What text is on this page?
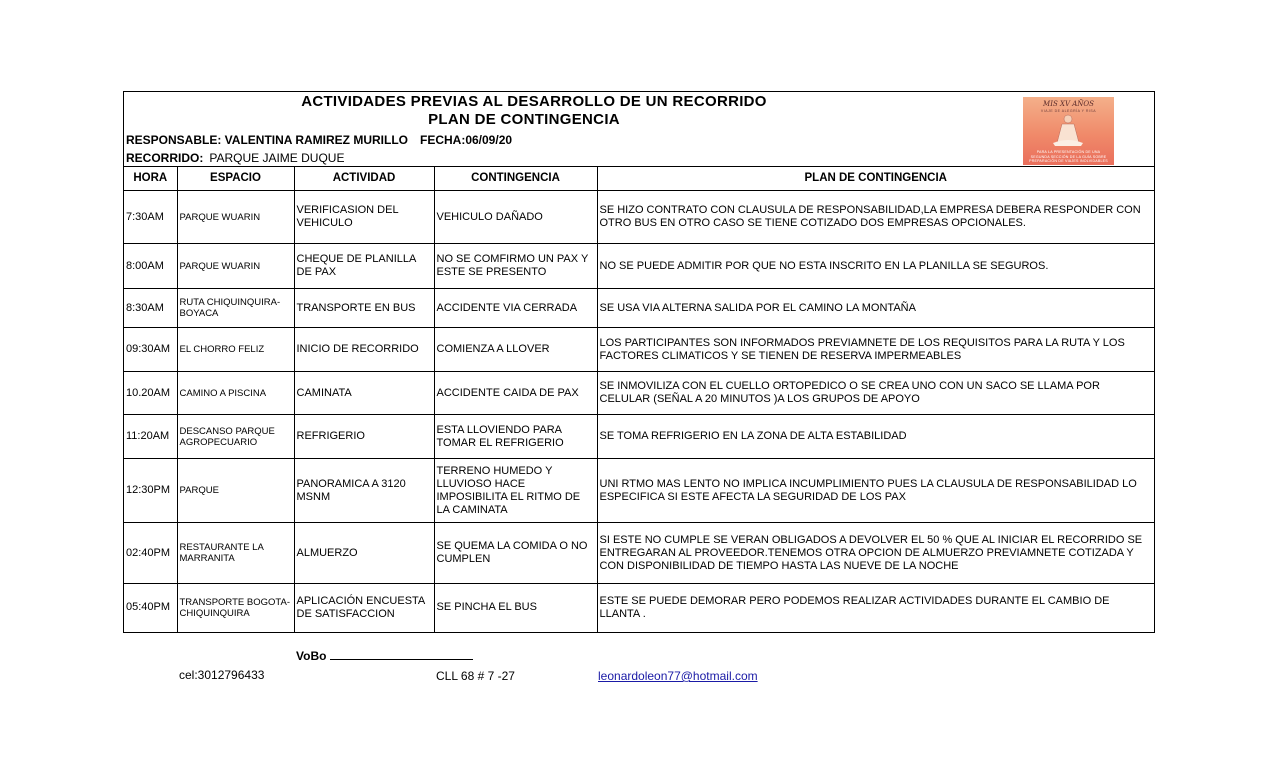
ACTIVIDADES PREVIAS AL DESARROLLO DE UN RECORRIDO
PLAN DE CONTINGENCIA
RESPONSABLE: VALENTINA RAMIREZ MURILLO FECHA:06/09/20
RECORRIDO: PARQUE JAIME DUQUE
MIS XV AÑOS
VIAJE DE ALEGRÍA Y RISA
PARA LA PRESENTACIÓN DE UNA SEGUNDA SECCIÓN DE LA GUÍA SOBRE PREPARACIÓN DE VIAJES INOLVIDABLES
HORA	ESPACIO	ACTIVIDAD	CONTINGENCIA	PLAN DE CONTINGENCIA
7:30AM	PARQUE WUARIN	VERIFICASION DEL VEHICULO	VEHICULO DAÑADO	SE HIZO CONTRATO CON CLAUSULA DE RESPONSABILIDAD,LA EMPRESA DEBERA RESPONDER CON OTRO BUS EN OTRO CASO SE TIENE COTIZADO DOS EMPRESAS OPCIONALES.
8:00AM	PARQUE WUARIN	CHEQUE DE PLANILLA DE PAX	NO SE COMFIRMO UN PAX Y ESTE SE PRESENTO	NO SE PUEDE ADMITIR POR QUE NO ESTA INSCRITO EN LA PLANILLA SE SEGUROS.
8:30AM	RUTA CHIQUINQUIRA-BOYACA	TRANSPORTE EN BUS	ACCIDENTE VIA CERRADA	SE USA VIA ALTERNA SALIDA POR EL CAMINO LA MONTAÑA
09:30AM	EL CHORRO FELIZ	INICIO DE RECORRIDO	COMIENZA A LLOVER	LOS PARTICIPANTES SON INFORMADOS PREVIAMNETE DE LOS REQUISITOS PARA LA RUTA Y LOS FACTORES CLIMATICOS Y SE TIENEN DE RESERVA IMPERMEABLES
10.20AM	CAMINO A PISCINA	CAMINATA	ACCIDENTE CAIDA DE PAX	SE INMOVILIZA CON EL CUELLO ORTOPEDICO O SE CREA UNO CON UN SACO SE LLAMA POR CELULAR (SEÑAL A 20 MINUTOS )A LOS GRUPOS DE APOYO
11:20AM	DESCANSO PARQUE AGROPECUARIO	REFRIGERIO	ESTA LLOVIENDO PARA TOMAR EL REFRIGERIO	SE TOMA REFRIGERIO EN LA ZONA DE ALTA ESTABILIDAD
12:30PM	PARQUE	PANORAMICA A 3120 MSNM	TERRENO HUMEDO Y LLUVIOSO HACE IMPOSIBILITA EL RITMO DE LA CAMINATA	UNI RTMO MAS LENTO NO IMPLICA INCUMPLIMIENTO PUES LA CLAUSULA DE RESPONSABILIDAD LO ESPECIFICA SI ESTE AFECTA LA SEGURIDAD DE LOS PAX
02:40PM	RESTAURANTE LA MARRANITA	ALMUERZO	SE QUEMA LA COMIDA O NO CUMPLEN	SI ESTE NO CUMPLE SE VERAN OBLIGADOS A DEVOLVER EL 50 % QUE AL INICIAR EL RECORRIDO SE ENTREGARAN AL PROVEEDOR.TENEMOS OTRA OPCION DE ALMUERZO PREVIAMNETE COTIZADA Y CON DISPONIBILIDAD DE TIEMPO HASTA LAS NUEVE DE LA NOCHE
05:40PM	TRANSPORTE BOGOTA-CHIQUINQUIRA	APLICACIÓN ENCUESTA DE SATISFACCION	SE PINCHA EL BUS	ESTE SE PUEDE DEMORAR PERO PODEMOS REALIZAR ACTIVIDADES DURANTE EL CAMBIO DE LLANTA .
VoBo
cel:3012796433	CLL 68 # 7 -27	leonardoleon77@hotmail.com
